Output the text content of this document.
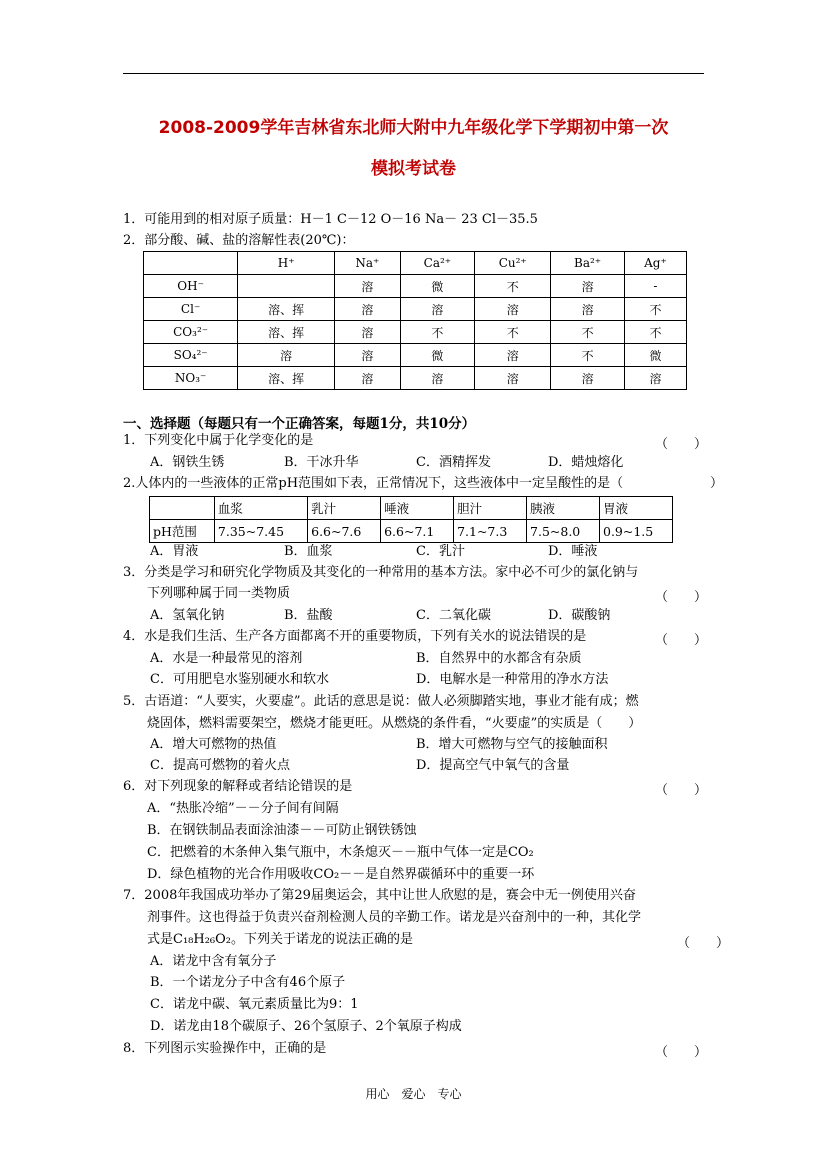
2008-2009学年吉林省东北师大附中九年级化学下学期初中第一次
模拟考试卷
1．可能用到的相对原子质量：H－1 C－12 O－16 Na－ 23 Cl－35.5
2．部分酸、碱、盐的溶解性表(20℃)：
	H⁺	Na⁺	Ca²⁺	Cu²⁺	Ba²⁺	Ag⁺
OH⁻		溶	微	不	溶	-
Cl⁻	溶、挥	溶	溶	溶	溶	不
CO₃²⁻	溶、挥	溶	不	不	不	不
SO₄²⁻	溶	溶	微	溶	不	微
NO₃⁻	溶、挥	溶	溶	溶	溶	溶
一、选择题（每题只有一个正确答案，每题1分，共10分）
1．下列变化中属于化学变化的是	（　　）
A．钢铁生锈	B．干冰升华	C．酒精挥发	D．蜡烛熔化
2.人体内的一些液体的正常pH范围如下表，正常情况下，这些液体中一定呈酸性的是（	）
	血浆	乳汁	唾液	胆汁	胰液	胃液
pH范围	7.35~7.45	6.6~7.6	6.6~7.1	7.1~7.3	7.5~8.0	0.9~1.5
A．胃液	B．血浆	C．乳汁	D．唾液
3．分类是学习和研究化学物质及其变化的一种常用的基本方法。家中必不可少的氯化钠与
下列哪种属于同一类物质	（　　）
A．氢氧化钠	B．盐酸	C．二氧化碳	D．碳酸钠
4．水是我们生活、生产各方面都离不开的重要物质，下列有关水的说法错误的是	（　　）
A．水是一种最常见的溶剂	B．自然界中的水都含有杂质
C．可用肥皂水鉴别硬水和软水	D．电解水是一种常用的净水方法
5．古语道：“人要实，火要虚”。此话的意思是说：做人必须脚踏实地，事业才能有成；燃
烧固体，燃料需要架空，燃烧才能更旺。从燃烧的条件看，“火要虚”的实质是（　　）
A．增大可燃物的热值	B．增大可燃物与空气的接触面积
C．提高可燃物的着火点	D．提高空气中氧气的含量
6．对下列现象的解释或者结论错误的是	（　　）
A．“热胀冷缩”－－分子间有间隔
B．在钢铁制品表面涂油漆－－可防止钢铁锈蚀
C．把燃着的木条伸入集气瓶中，木条熄灭－－瓶中气体一定是CO₂
D．绿色植物的光合作用吸收CO₂－－是自然界碳循环中的重要一环
7．2008年我国成功举办了第29届奥运会，其中让世人欣慰的是，赛会中无一例使用兴奋
剂事件。这也得益于负责兴奋剂检测人员的辛勤工作。诺龙是兴奋剂中的一种，其化学
式是C₁₈H₂₆O₂。下列关于诺龙的说法正确的是	（　　）
A．诺龙中含有氧分子
B．一个诺龙分子中含有46个原子
C．诺龙中碳、氧元素质量比为9：1
D．诺龙由18个碳原子、26个氢原子、2个氧原子构成
8．下列图示实验操作中，正确的是	（　　）
用心　爱心　专心
